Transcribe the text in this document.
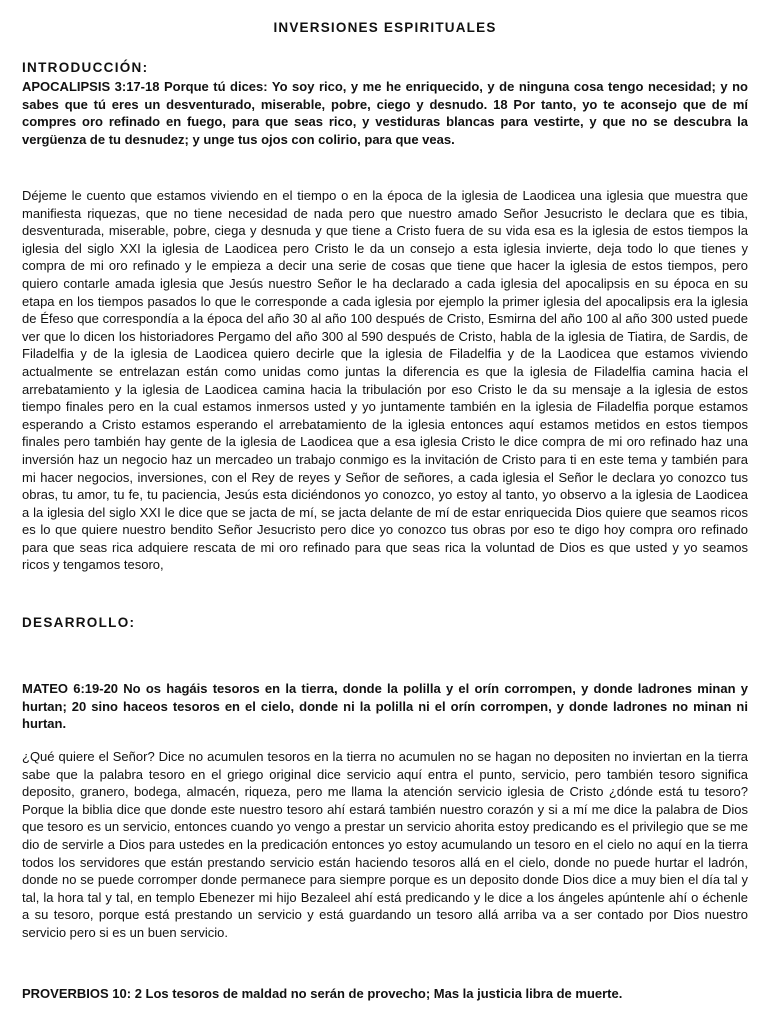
INVERSIONES ESPIRITUALES
INTRODUCCIÓN:

APOCALIPSIS 3:17-18 Porque tú dices: Yo soy rico, y me he enriquecido, y de ninguna cosa tengo necesidad; y no sabes que tú eres un desventurado, miserable, pobre, ciego y desnudo. 18 Por tanto, yo te aconsejo que de mí compres oro refinado en fuego, para que seas rico, y vestiduras blancas para vestirte, y que no se descubra la vergüenza de tu desnudez; y unge tus ojos con colirio, para que veas.

Déjeme le cuento que estamos viviendo en el tiempo o en la época de la iglesia de Laodicea una iglesia que muestra que manifiesta riquezas, que no tiene necesidad de nada pero que nuestro amado Señor Jesucristo le declara que es tibia, desventurada, miserable, pobre, ciega y desnuda y que tiene a Cristo fuera de su vida esa es la iglesia de estos tiempos la iglesia del siglo XXI la iglesia de Laodicea pero Cristo le da un consejo a esta iglesia invierte, deja todo lo que tienes y compra de mi oro refinado y le empieza a decir una serie de cosas que tiene que hacer la iglesia de estos tiempos, pero quiero contarle amada iglesia que Jesús nuestro Señor le ha declarado a cada iglesia del apocalipsis en su época en su etapa en los tiempos pasados lo que le corresponde a cada iglesia por ejemplo la primer iglesia del apocalipsis era la iglesia de Éfeso que correspondía a la época del año 30 al año 100 después de Cristo, Esmirna del año 100 al año 300 usted puede ver que lo dicen los historiadores Pergamo del año 300 al 590 después de Cristo, habla de la iglesia de Tiatira, de Sardis, de Filadelfia y de la iglesia de Laodicea quiero decirle que la iglesia de Filadelfia y de la Laodicea que estamos viviendo actualmente se entrelazan están como unidas como juntas la diferencia es que la iglesia de Filadelfia camina hacia el arrebatamiento y la iglesia de Laodicea camina hacia la tribulación por eso Cristo le da su mensaje a la iglesia de estos tiempo finales pero en la cual estamos inmersos usted y yo juntamente también en la iglesia de Filadelfia porque estamos esperando a Cristo estamos esperando el arrebatamiento de la iglesia entonces aquí estamos metidos en estos tiempos finales pero también hay gente de la iglesia de Laodicea que a esa iglesia Cristo le dice compra de mi oro refinado haz una inversión haz un negocio haz un mercadeo un trabajo conmigo es la invitación de Cristo para ti en este tema y también para mi hacer negocios, inversiones, con el Rey de reyes y Señor de señores, a cada iglesia el Señor le declara yo conozco tus obras, tu amor, tu fe, tu paciencia, Jesús esta diciéndonos yo conozco, yo estoy al tanto, yo observo a la iglesia de Laodicea a la iglesia del siglo XXI le dice que se jacta de mí, se jacta delante de mí de estar enriquecida Dios quiere que seamos ricos es lo que quiere nuestro bendito Señor Jesucristo pero dice yo conozco tus obras por eso te digo hoy compra oro refinado para que seas rica adquiere rescata de mi oro refinado para que seas rica la voluntad de Dios es que usted y yo seamos ricos y tengamos tesoro,

DESARROLLO:

MATEO 6:19-20 No os hagáis tesoros en la tierra, donde la polilla y el orín corrompen, y donde ladrones minan y hurtan; 20 sino haceos tesoros en el cielo, donde ni la polilla ni el orín corrompen, y donde ladrones no minan ni hurtan.

¿Qué quiere el Señor? Dice no acumulen tesoros en la tierra no acumulen no se hagan no depositen no inviertan en la tierra sabe que la palabra tesoro en el griego original dice servicio aquí entra el punto, servicio, pero también tesoro significa deposito, granero, bodega, almacén, riqueza, pero me llama la atención servicio iglesia de Cristo ¿dónde está tu tesoro? Porque la biblia dice que donde este nuestro tesoro ahí estará también nuestro corazón y si a mí me dice la palabra de Dios que tesoro es un servicio, entonces cuando yo vengo a prestar un servicio ahorita estoy predicando es el privilegio que se me dio de servirle a Dios para ustedes en la predicación entonces yo estoy acumulando un tesoro en el cielo no aquí en la tierra todos los servidores que están prestando servicio están haciendo tesoros allá en el cielo, donde no puede hurtar el ladrón, donde no se puede corromper donde permanece para siempre porque es un deposito donde Dios dice a muy bien el día tal y tal, la hora tal y tal, en templo Ebenezer mi hijo Bezaleel ahí está predicando y le dice a los ángeles apúntenle ahí o échenle a su tesoro, porque está prestando un servicio y está guardando un tesoro allá arriba va a ser contado por Dios nuestro servicio pero si es un buen servicio.

PROVERBIOS 10: 2 Los tesoros de maldad no serán de provecho; Mas la justicia libra de muerte.
